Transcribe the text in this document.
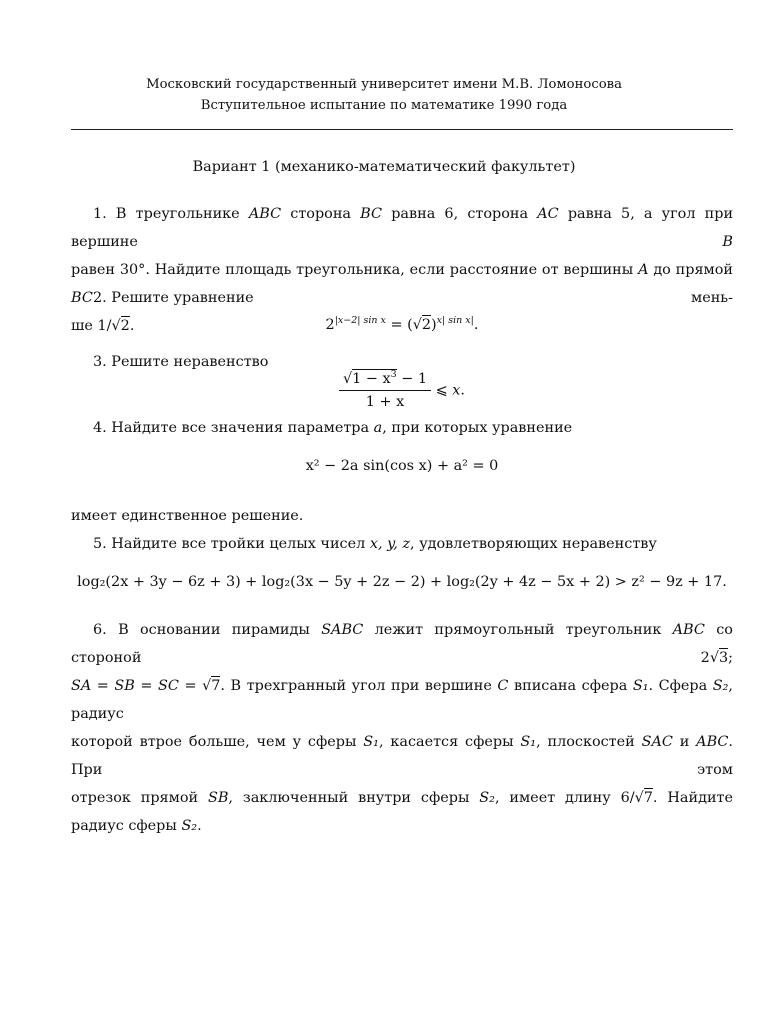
Московский государственный университет имени М.В. Ломоносова
Вступительное испытание по математике 1990 года
Вариант 1 (механико-математический факультет)
1. В треугольнике ABC сторона BC равна 6, сторона AC равна 5, а угол при вершине	B
равен 30°. Найдите площадь треугольника, если расстояние от вершины A до прямой BC	мень-
ше 1/√2.
2. Решите уравнение
$2^{|x-2| sin x} = (√2)^{x| sin x|}$.
3. Решите неравенство
$\frac{√1 - x^3 - 1}{1 + x}$ ⩽ x.
4. Найдите все значения параметра a, при которых уравнение
x² − 2a sin(cos x) + a² = 0
имеет единственное решение.
5. Найдите все тройки целых чисел x, y, z, удовлетворяющих неравенству
log₂(2x + 3y − 6z + 3) + log₂(3x − 5y + 2z − 2) + log₂(2y + 4z − 5x + 2) > z² − 9z + 17.
6. В основании пирамиды SABC лежит прямоугольный треугольник ABC со стороной 2√3;
SA = SB = SC = √7. В трехгранный угол при вершине C вписана сфера S₁. Сфера S₂, радиус
которой втрое больше, чем у сферы S₁, касается сферы S₁, плоскостей SAC и ABC. При этом
отрезок прямой SB, заключенный внутри сферы S₂, имеет длину 6/√7. Найдите радиус сферы S₂.
